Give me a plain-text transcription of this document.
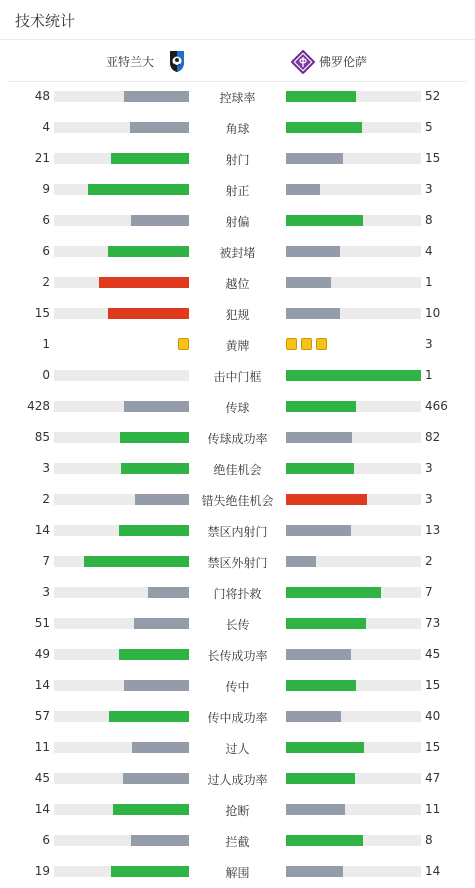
技术统计
亚特兰大	佛罗伦萨
48	控球率	52
4	角球	5
21	射门	15
9	射正	3
6	射偏	8
6	被封堵	4
2	越位	1
15	犯规	10
1	黄牌	3
0	击中门框	1
428	传球	466
85	传球成功率	82
3	绝佳机会	3
2	错失绝佳机会	3
14	禁区内射门	13
7	禁区外射门	2
3	门将扑救	7
51	长传	73
49	长传成功率	45
14	传中	15
57	传中成功率	40
11	过人	15
45	过人成功率	47
14	抢断	11
6	拦截	8
19	解围	14
